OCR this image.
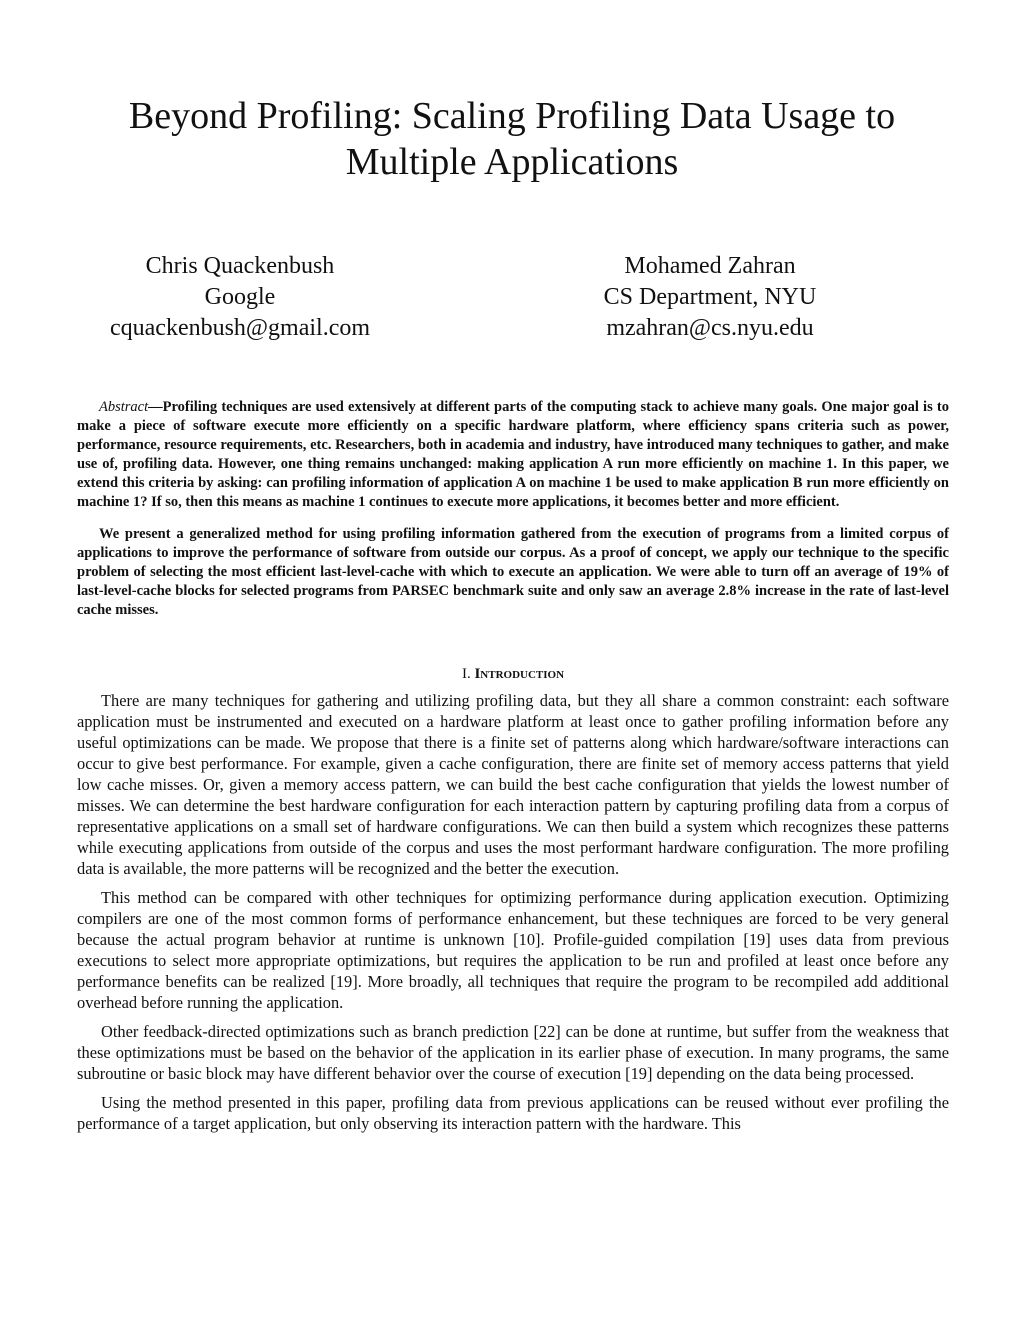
Beyond Profiling: Scaling Profiling Data Usage to Multiple Applications
Chris Quackenbush
Google
cquackenbush@gmail.com
Mohamed Zahran
CS Department, NYU
mzahran@cs.nyu.edu

Abstract—Profiling techniques are used extensively at different parts of the computing stack to achieve many goals. One major goal is to make a piece of software execute more efficiently on a specific hardware platform, where efficiency spans criteria such as power, performance, resource requirements, etc. Researchers, both in academia and industry, have introduced many techniques to gather, and make use of, profiling data. However, one thing remains unchanged: making application A run more efficiently on machine 1. In this paper, we extend this criteria by asking: can profiling information of application A on machine 1 be used to make application B run more efficiently on machine 1? If so, then this means as machine 1 continues to execute more applications, it becomes better and more efficient.

We present a generalized method for using profiling information gathered from the execution of programs from a limited corpus of applications to improve the performance of software from outside our corpus. As a proof of concept, we apply our technique to the specific problem of selecting the most efficient last-level-cache with which to execute an application. We were able to turn off an average of 19% of last-level-cache blocks for selected programs from PARSEC benchmark suite and only saw an average 2.8% increase in the rate of last-level cache misses.

I. Introduction

There are many techniques for gathering and utilizing profiling data, but they all share a common constraint: each software application must be instrumented and executed on a hardware platform at least once to gather profiling information before any useful optimizations can be made. We propose that there is a finite set of patterns along which hardware/software interactions can occur to give best performance. For example, given a cache configuration, there are finite set of memory access patterns that yield low cache misses. Or, given a memory access pattern, we can build the best cache configuration that yields the lowest number of misses. We can determine the best hardware configuration for each interaction pattern by capturing profiling data from a corpus of representative applications on a small set of hardware configurations. We can then build a system which recognizes these patterns while executing applications from outside of the corpus and uses the most performant hardware configuration. The more profiling data is available, the more patterns will be recognized and the better the execution.

This method can be compared with other techniques for optimizing performance during application execution. Optimizing compilers are one of the most common forms of performance enhancement, but these techniques are forced to be very general because the actual program behavior at runtime is unknown [10]. Profile-guided compilation [19] uses data from previous executions to select more appropriate optimizations, but requires the application to be run and profiled at least once before any performance benefits can be realized [19]. More broadly, all techniques that require the program to be recompiled add additional overhead before running the application.

Other feedback-directed optimizations such as branch prediction [22] can be done at runtime, but suffer from the weakness that these optimizations must be based on the behavior of the application in its earlier phase of execution. In many programs, the same subroutine or basic block may have different behavior over the course of execution [19] depending on the data being processed.

Using the method presented in this paper, profiling data from previous applications can be reused without ever profiling the performance of a target application, but only observing its interaction pattern with the hardware. This
